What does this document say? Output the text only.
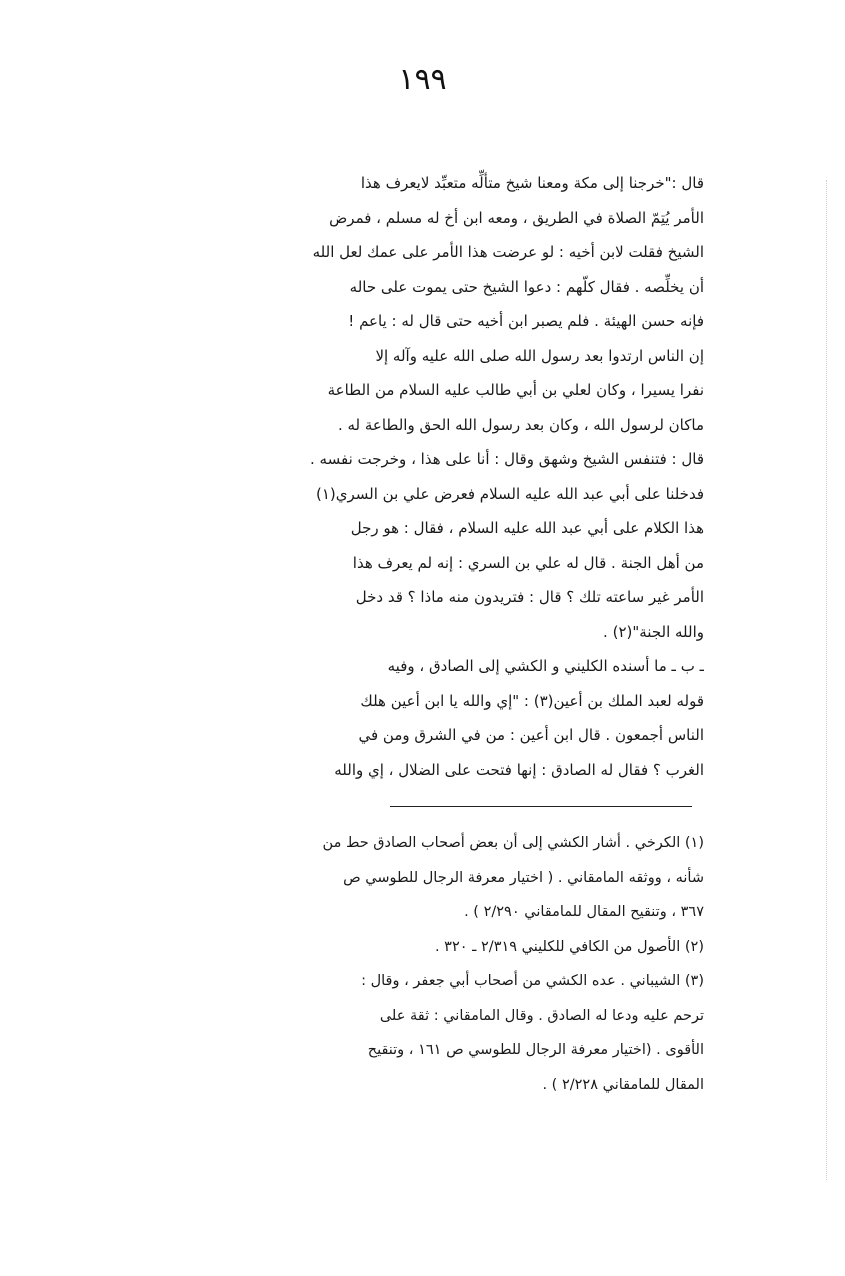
١٩٩
قال :"خرجنا إلى مكة ومعنا شيخ متألِّه متعبِّد لايعرف هذا
الأمر يُتِمّ الصلاة في الطريق ، ومعه ابن أخ له مسلم ، فمرض
الشيخ فقلت لابن أخيه : لو عرضت هذا الأمر على عمك لعل الله
أن يخلِّصه . فقال كلّهم : دعوا الشيخ حتى يموت على حاله
فإنه حسن الهيئة . فلم يصبر ابن أخيه حتى قال له : ياعم !
إن الناس ارتدوا بعد رسول الله صلى الله عليه وآله إلا
نفرا يسيرا ، وكان لعلي بن أبي طالب عليه السلام من الطاعة
ماكان لرسول الله ، وكان بعد رسول الله الحق والطاعة له .
قال : فتنفس الشيخ وشهق وقال : أنا على هذا ، وخرجت نفسه .
فدخلنا على أبي عبد الله عليه السلام فعرض علي بن السري(١)
هذا الكلام على أبي عبد الله عليه السلام ، فقال : هو رجل
من أهل الجنة . قال له علي بن السري : إنه لم يعرف هذا
الأمر غير ساعته تلك ؟ قال : فتريدون منه ماذا ؟ قد دخل
والله الجنة"(٢) .
ـ ب ـ ما أسنده الكليني و الكشي إلى الصادق ، وفيه
قوله لعبد الملك بن أعين(٣) : "إي والله يا ابن أعين هلك
الناس أجمعون . قال ابن أعين : من في الشرق ومن في
الغرب ؟ فقال له الصادق : إنها فتحت على الضلال ، إي والله
(١) الكرخي . أشار الكشي إلى أن بعض أصحاب الصادق حط من
شأنه ، ووثقه المامقاني . ( اختيار معرفة الرجال للطوسي ص
٣٦٧ ، وتنقيح المقال للمامقاني ٢/٢٩٠ ) .
(٢) الأصول من الكافي للكليني ٢/٣١٩ ـ ٣٢٠ .
(٣) الشيباني . عده الكشي من أصحاب أبي جعفر ، وقال :
ترحم عليه ودعا له الصادق . وقال المامقاني : ثقة على
الأقوى . (اختيار معرفة الرجال للطوسي ص ١٦١ ، وتنقيح
المقال للمامقاني ٢/٢٢٨ ) .
